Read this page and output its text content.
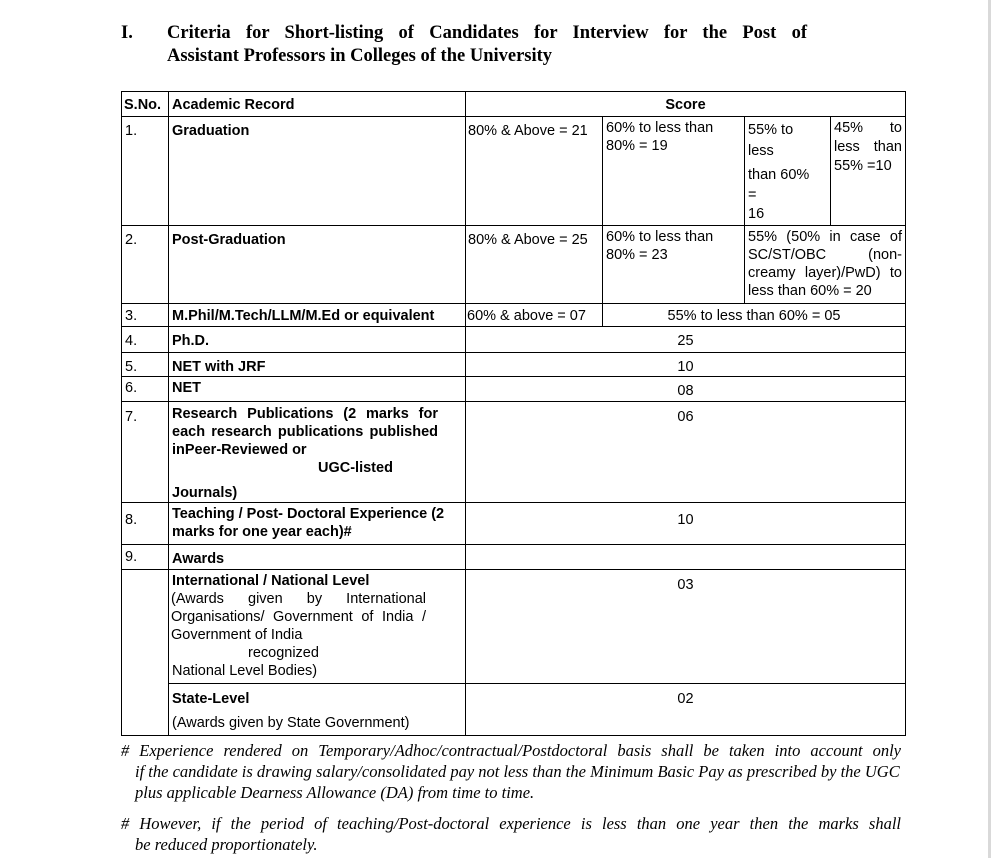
I. Criteria for Short-listing of Candidates for Interview for the Post of
Assistant Professors in Colleges of the University
S.No.	Academic Record	Score			
1.	Graduation	80% & Above = 21	60% to less than 80% = 19	55% to
less
than 60%
=
16	45% to less than 55% =10
2.	Post-Graduation	80% & Above = 25	60% to less than 80% = 23	55% (50% in case of SC/ST/OBC (non-creamy layer)/PwD) to less than 60% = 20	
3.	M.Phil/M.Tech/LLM/M.Ed or equivalent	60% & above = 07	55% to less than 60% = 05		
4.	Ph.D.	25			
5.	NET with JRF	10			
6.	NET	08			
7.	Research Publications (2 marks for each research publications published inPeer-Reviewed or
UGC-listed
Journals)	06			
8.	Teaching / Post- Doctoral Experience (2 marks for one year each)#	10			
9.	Awards				

	International / National Level
(Awards given by International Organisations/ Government of India / Government of India
recognized
National Level Bodies)	03			

	State-Level
(Awards given by State Government)	02			
# Experience rendered on Temporary/Adhoc/contractual/Postdoctoral basis shall be taken into account only
if the candidate is drawing salary/consolidated pay not less than the Minimum Basic Pay as prescribed by the UGC plus applicable Dearness Allowance (DA) from time to time.
# However, if the period of teaching/Post-doctoral experience is less than one year then the marks shall
be reduced proportionately.
